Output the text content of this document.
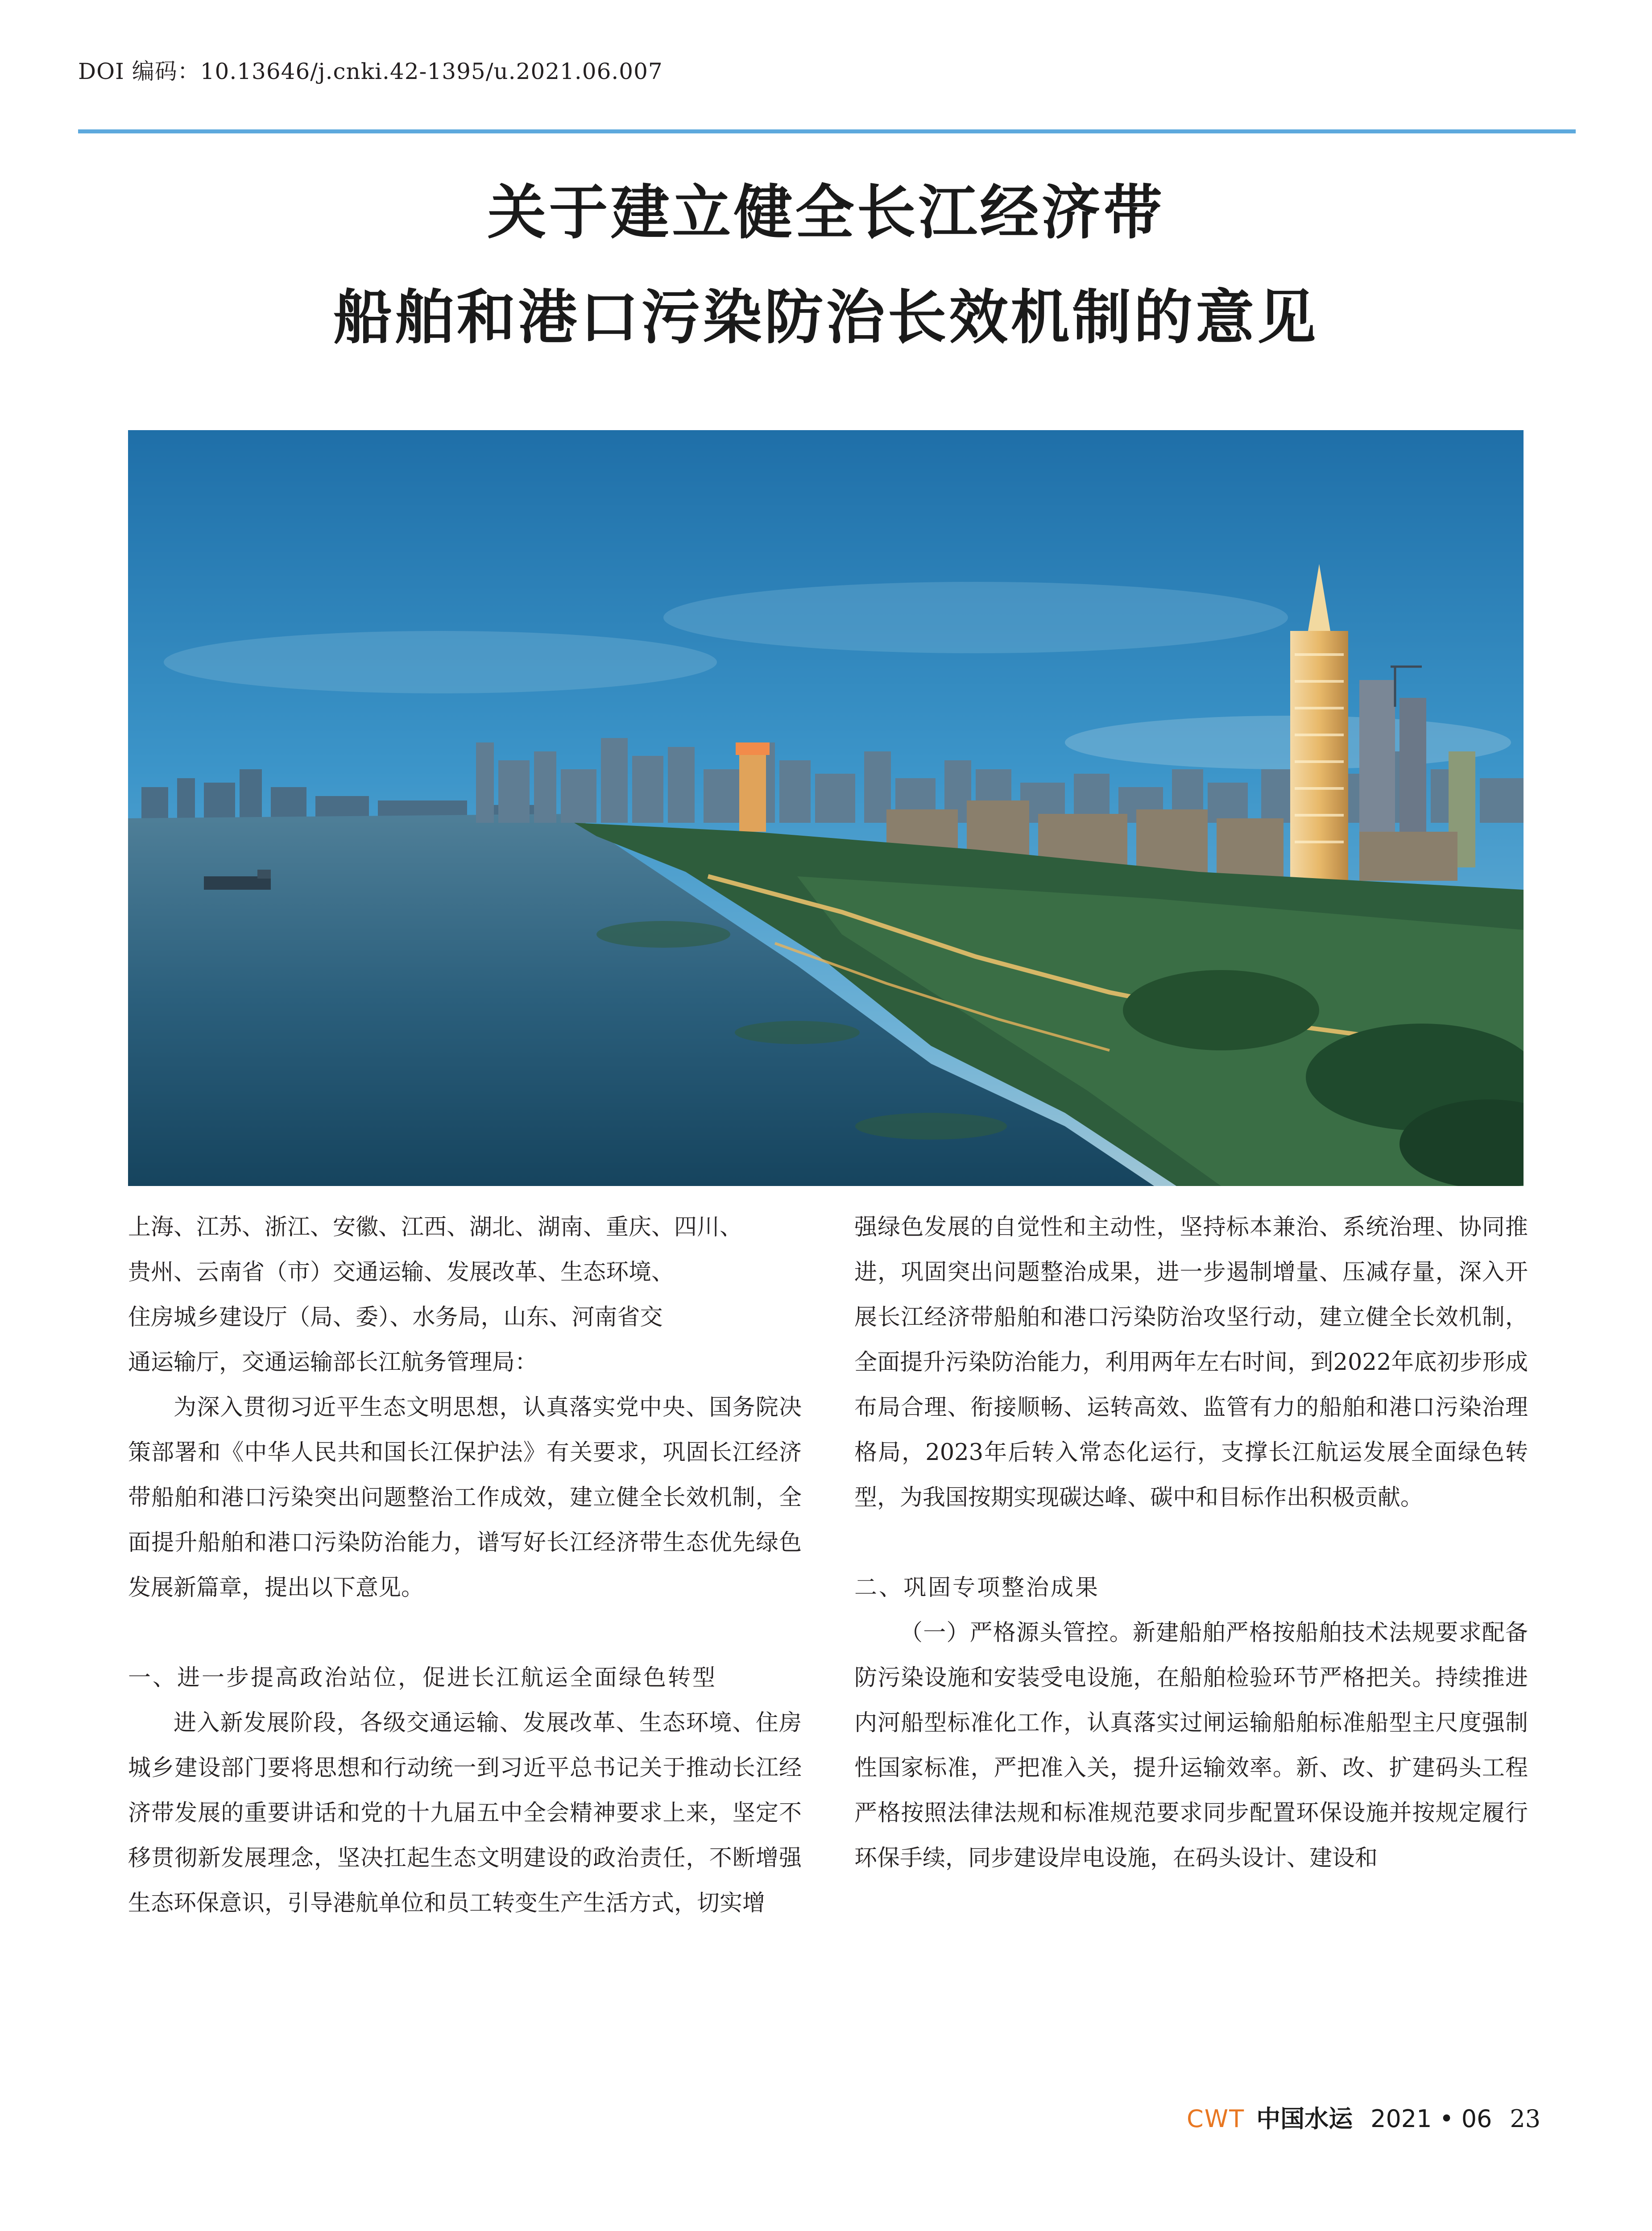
DOI 编码：10.13646/j.cnki.42-1395/u.2021.06.007
关于建立健全长江经济带
船舶和港口污染防治长效机制的意见

上海、江苏、浙江、安徽、江西、湖北、湖南、重庆、四川、

贵州、云南省（市）交通运输、发展改革、生态环境、

住房城乡建设厅（局、委）、水务局，山东、河南省交

通运输厅，交通运输部长江航务管理局：

为深入贯彻习近平生态文明思想，认真落实党中央、国务院决策部署和《中华人民共和国长江保护法》有关要求，巩固长江经济带船舶和港口污染突出问题整治工作成效，建立健全长效机制，全面提升船舶和港口污染防治能力，谱写好长江经济带生态优先绿色发展新篇章，提出以下意见。

一、进一步提高政治站位，促进长江航运全面绿色转型

进入新发展阶段，各级交通运输、发展改革、生态环境、住房城乡建设部门要将思想和行动统一到习近平总书记关于推动长江经济带发展的重要讲话和党的十九届五中全会精神要求上来，坚定不移贯彻新发展理念，坚决扛起生态文明建设的政治责任，不断增强生态环保意识，引导港航单位和员工转变生产生活方式，切实增

强绿色发展的自觉性和主动性，坚持标本兼治、系统治理、协同推进，巩固突出问题整治成果，进一步遏制增量、压减存量，深入开展长江经济带船舶和港口污染防治攻坚行动，建立健全长效机制，全面提升污染防治能力，利用两年左右时间，到2022年底初步形成布局合理、衔接顺畅、运转高效、监管有力的船舶和港口污染治理格局，2023年后转入常态化运行，支撑长江航运发展全面绿色转型，为我国按期实现碳达峰、碳中和目标作出积极贡献。

二、巩固专项整治成果

（一）严格源头管控。新建船舶严格按船舶技术法规要求配备防污染设施和安装受电设施，在船舶检验环节严格把关。持续推进内河船型标准化工作，认真落实过闸运输船舶标准船型主尺度强制性国家标准，严把准入关，提升运输效率。新、改、扩建码头工程严格按照法律法规和标准规范要求同步配置环保设施并按规定履行环保手续，同步建设岸电设施，在码头设计、建设和

CWT 中国水运 2021 • 06 23
